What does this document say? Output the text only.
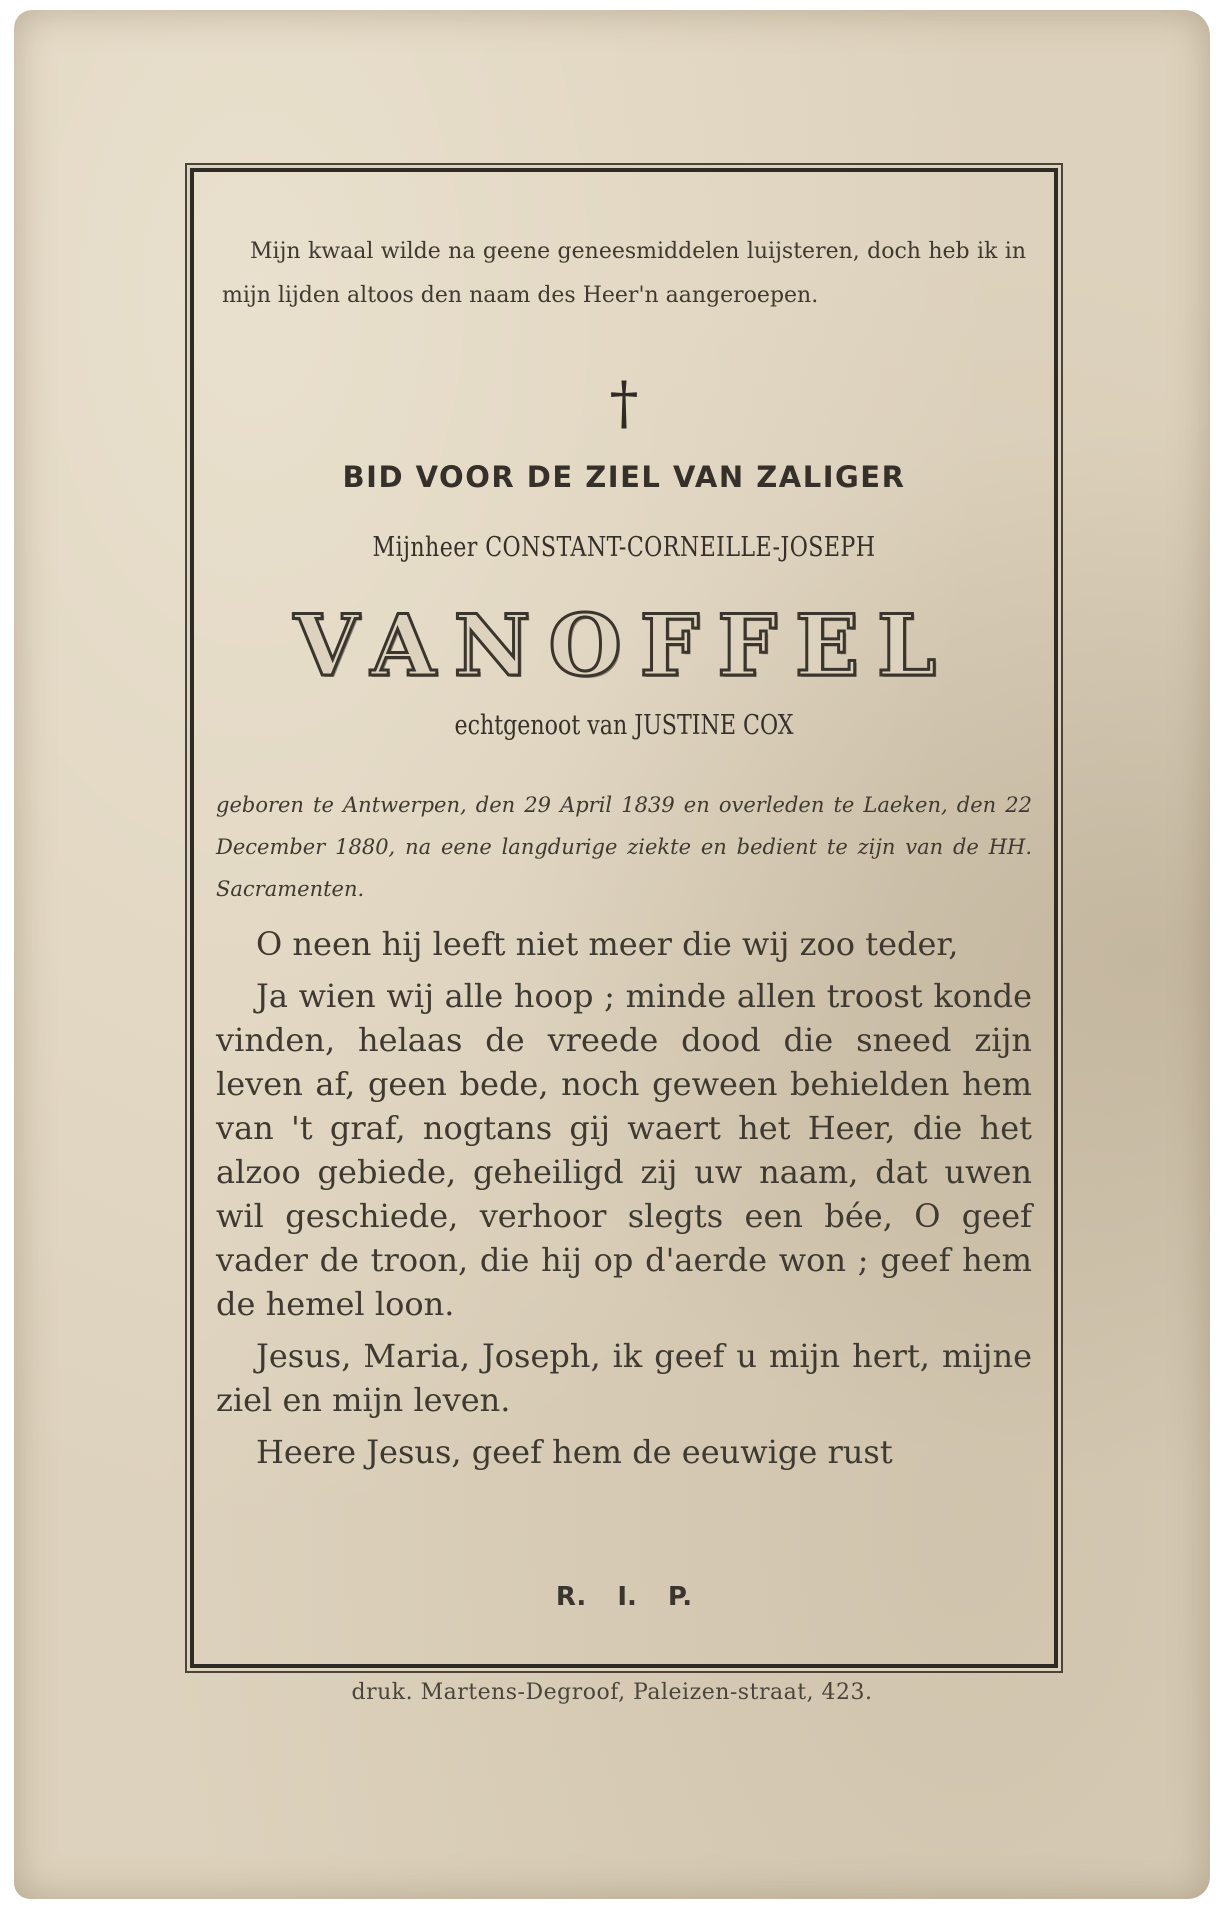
Mijn kwaal wilde na geene geneesmiddelen luijsteren, doch heb ik in mijn lijden altoos den naam des Heer'n aangeroepen.

†
BID VOOR DE ZIEL VAN ZALIGER
Mijnheer CONSTANT-CORNEILLE-JOSEPH
VANOFFEL
echtgenoot van JUSTINE COX

geboren te Antwerpen, den 29 April 1839 en overleden te Laeken, den 22 December 1880, na eene langdurige ziekte en bedient te zijn van de HH. Sacramenten.

O neen hij leeft niet meer die wij zoo teder,

Ja wien wij alle hoop ; minde allen troost konde vinden, helaas de vreede dood die sneed zijn leven af, geen bede, noch geween behielden hem van 't graf, nogtans gij waert het Heer, die het alzoo gebiede, geheiligd zij uw naam, dat uwen wil geschiede, verhoor slegts een bée, O geef vader de troon, die hij op d'aerde won ; geef hem de hemel loon.

Jesus, Maria, Joseph, ik geef u mijn hert, mijne ziel en mijn leven.

Heere Jesus, geef hem de eeuwige rust

R. I. P.
druk. Martens-Degroof, Paleizen-straat, 423.
